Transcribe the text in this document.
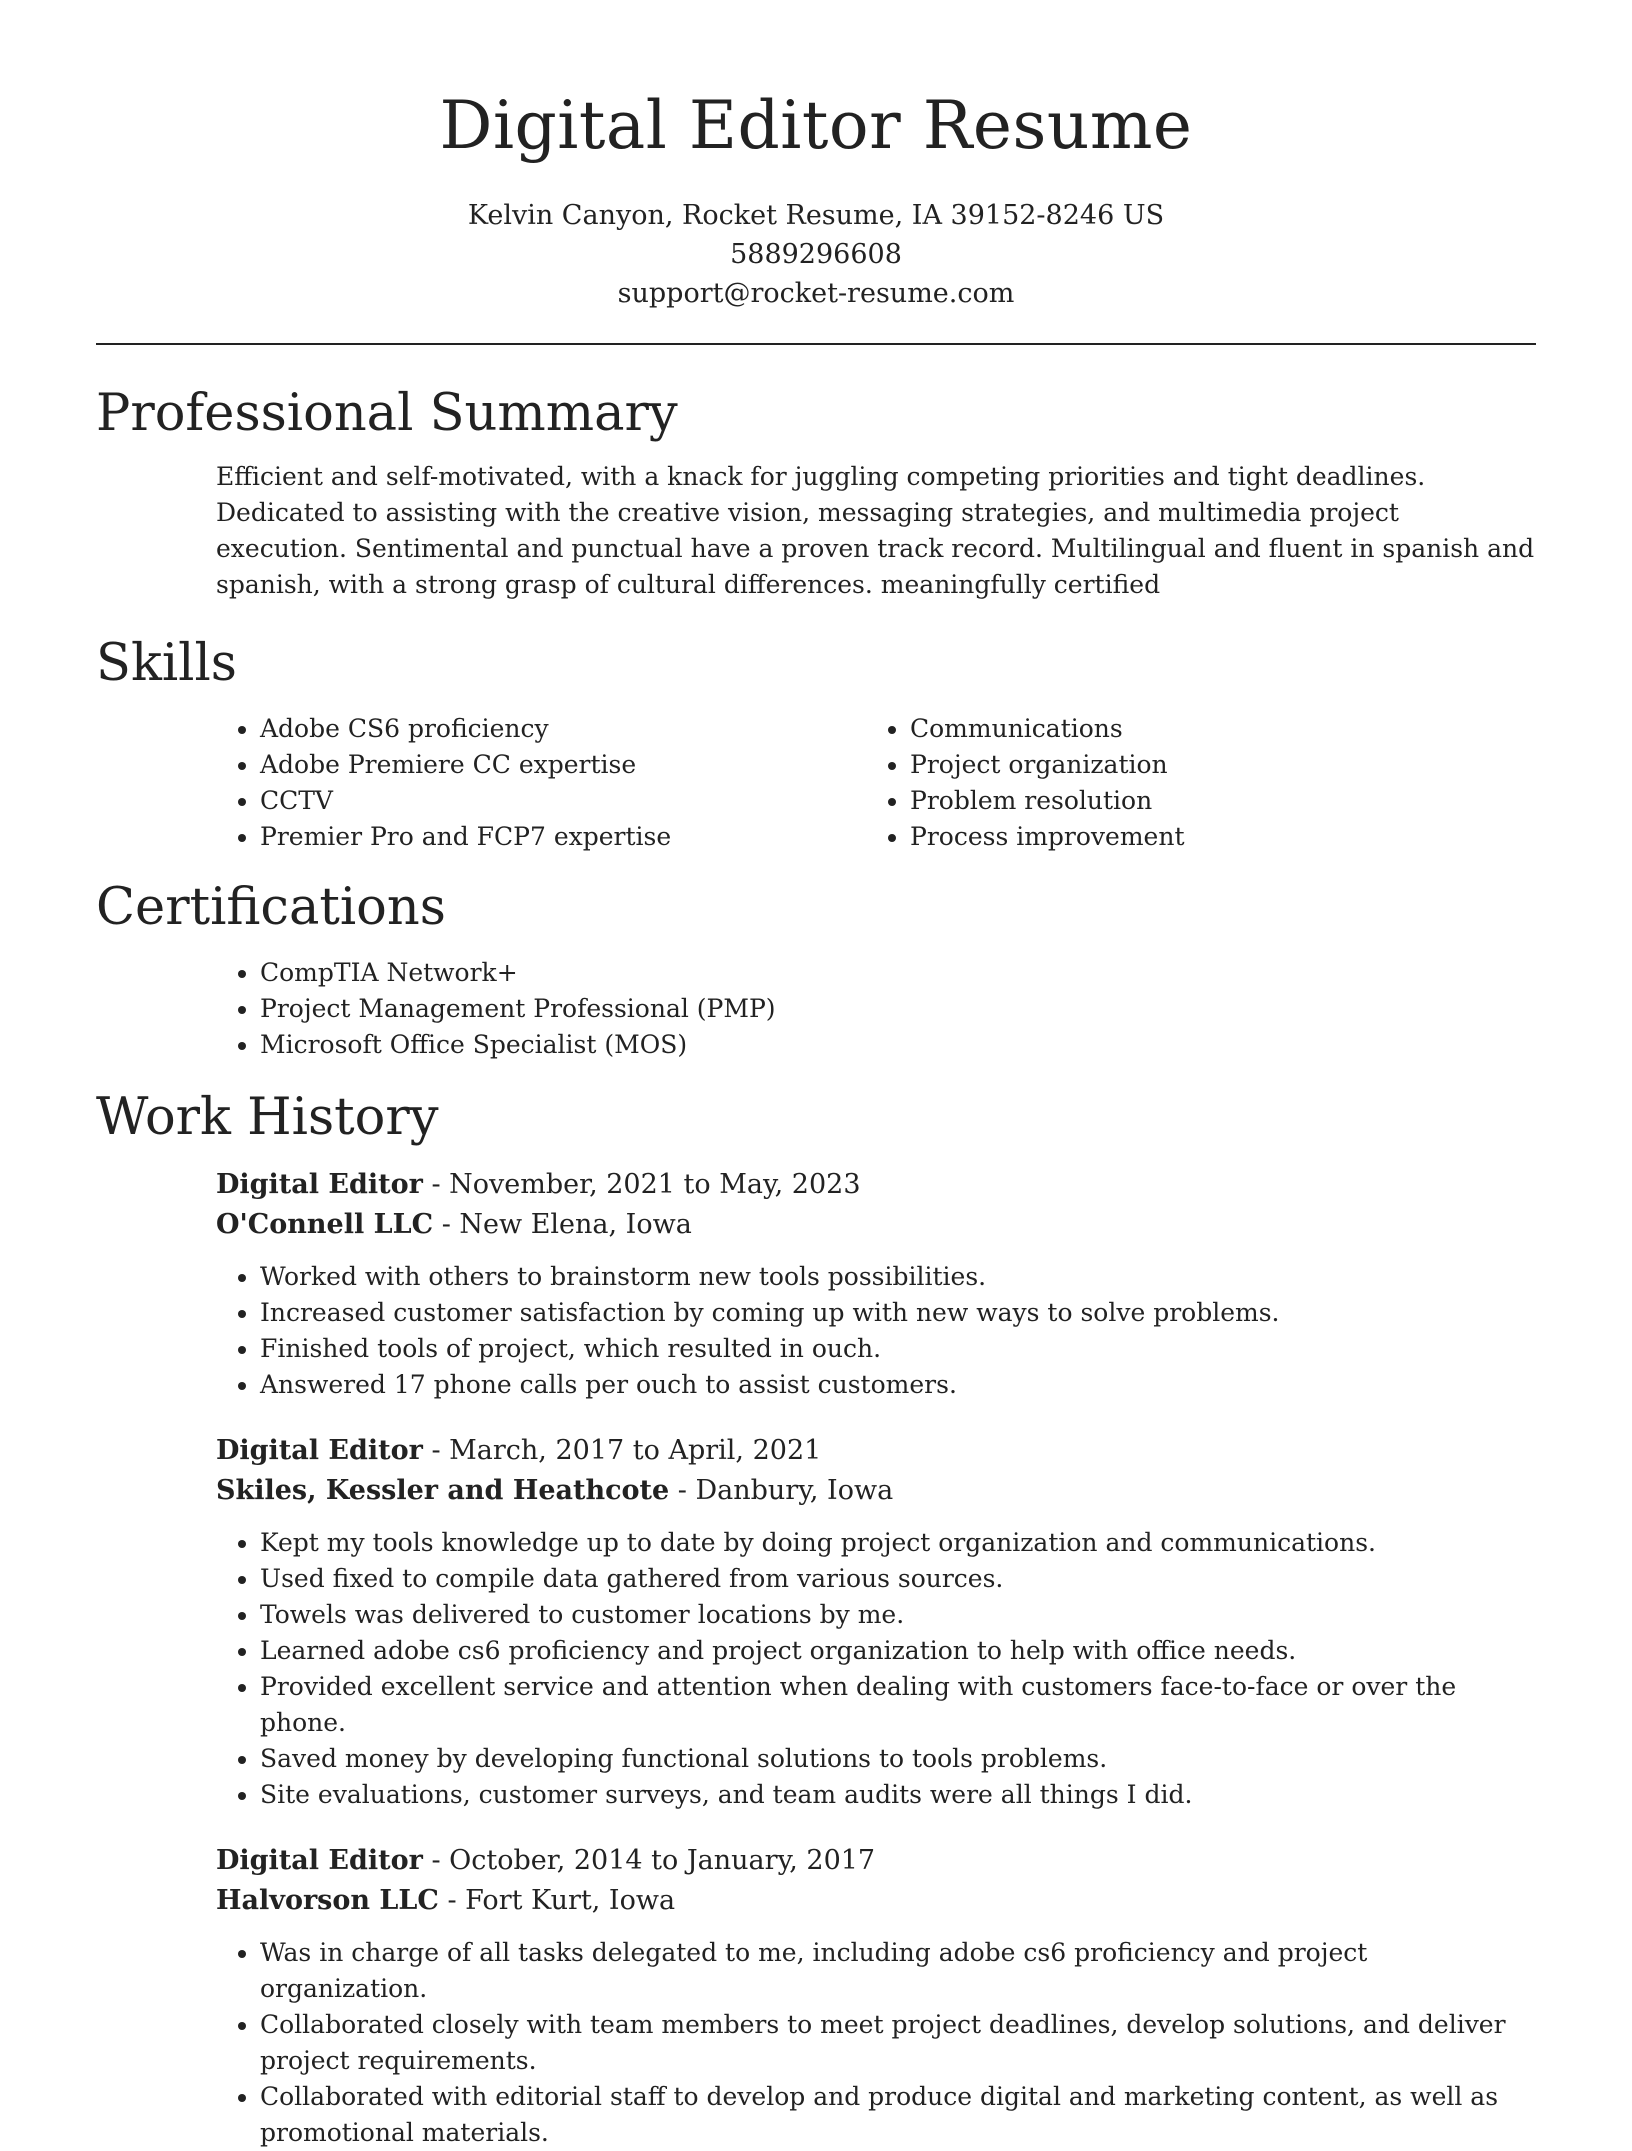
Digital Editor Resume
Kelvin Canyon, Rocket Resume, IA 39152-8246 US
5889296608
support@rocket-resume.com
Professional Summary

Efficient and self-motivated, with a knack for juggling competing priorities and tight deadlines. Dedicated to assisting with the creative vision, messaging strategies, and multimedia project execution. Sentimental and punctual have a proven track record. Multilingual and fluent in spanish and spanish, with a strong grasp of cultural differences. meaningfully certified

Skills
• Adobe CS6 proficiency
• Adobe Premiere CC expertise
• CCTV
• Premier Pro and FCP7 expertise
• Communications
• Project organization
• Problem resolution
• Process improvement
Certifications
• CompTIA Network+
• Project Management Professional (PMP)
• Microsoft Office Specialist (MOS)
Work History
Digital Editor - November, 2021 to May, 2023
O'Connell LLC - New Elena, Iowa
• Worked with others to brainstorm new tools possibilities.
• Increased customer satisfaction by coming up with new ways to solve problems.
• Finished tools of project, which resulted in ouch.
• Answered 17 phone calls per ouch to assist customers.
Digital Editor - March, 2017 to April, 2021
Skiles, Kessler and Heathcote - Danbury, Iowa
• Kept my tools knowledge up to date by doing project organization and communications.
• Used fixed to compile data gathered from various sources.
• Towels was delivered to customer locations by me.
• Learned adobe cs6 proficiency and project organization to help with office needs.
• Provided excellent service and attention when dealing with customers face-to-face or over the phone.
• Saved money by developing functional solutions to tools problems.
• Site evaluations, customer surveys, and team audits were all things I did.
Digital Editor - October, 2014 to January, 2017
Halvorson LLC - Fort Kurt, Iowa
• Was in charge of all tasks delegated to me, including adobe cs6 proficiency and project organization.
• Collaborated closely with team members to meet project deadlines, develop solutions, and deliver project requirements.
• Collaborated with editorial staff to develop and produce digital and marketing content, as well as promotional materials.
